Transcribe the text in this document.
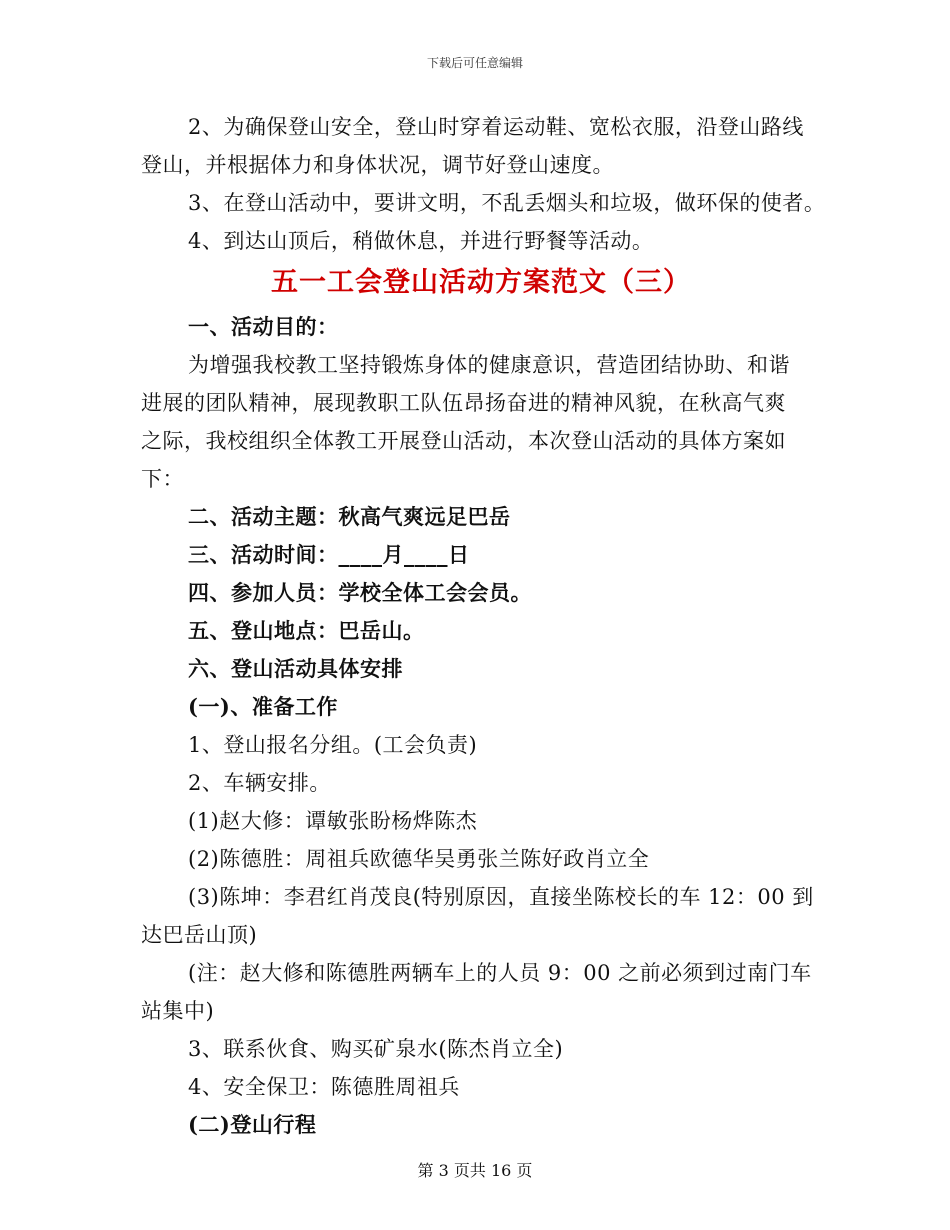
下载后可任意编辑

2、为确保登山安全，登山时穿着运动鞋、宽松衣服，沿登山路线

登山，并根据体力和身体状况，调节好登山速度。

3、在登山活动中，要讲文明，不乱丢烟头和垃圾，做环保的使者。

4、到达山顶后，稍做休息，并进行野餐等活动。

五一工会登山活动方案范文（三）

一、活动目的：

为增强我校教工坚持锻炼身体的健康意识，营造团结协助、和谐

进展的团队精神，展现教职工队伍昂扬奋进的精神风貌，在秋高气爽

之际，我校组织全体教工开展登山活动，本次登山活动的具体方案如

下：

二、活动主题：秋高气爽远足巴岳

三、活动时间：____月____日

四、参加人员：学校全体工会会员。

五、登山地点：巴岳山。

六、登山活动具体安排

(一)、准备工作

1、登山报名分组。(工会负责)

2、车辆安排。

(1)赵大修：谭敏张盼杨烨陈杰

(2)陈德胜：周祖兵欧德华吴勇张兰陈好政肖立全

(3)陈坤：李君红肖茂良(特别原因，直接坐陈校长的车 12：00 到

达巴岳山顶)

(注：赵大修和陈德胜两辆车上的人员 9：00 之前必须到过南门车

站集中)

3、联系伙食、购买矿泉水(陈杰肖立全)

4、安全保卫：陈德胜周祖兵

(二)登山行程

第 3 页共 16 页
